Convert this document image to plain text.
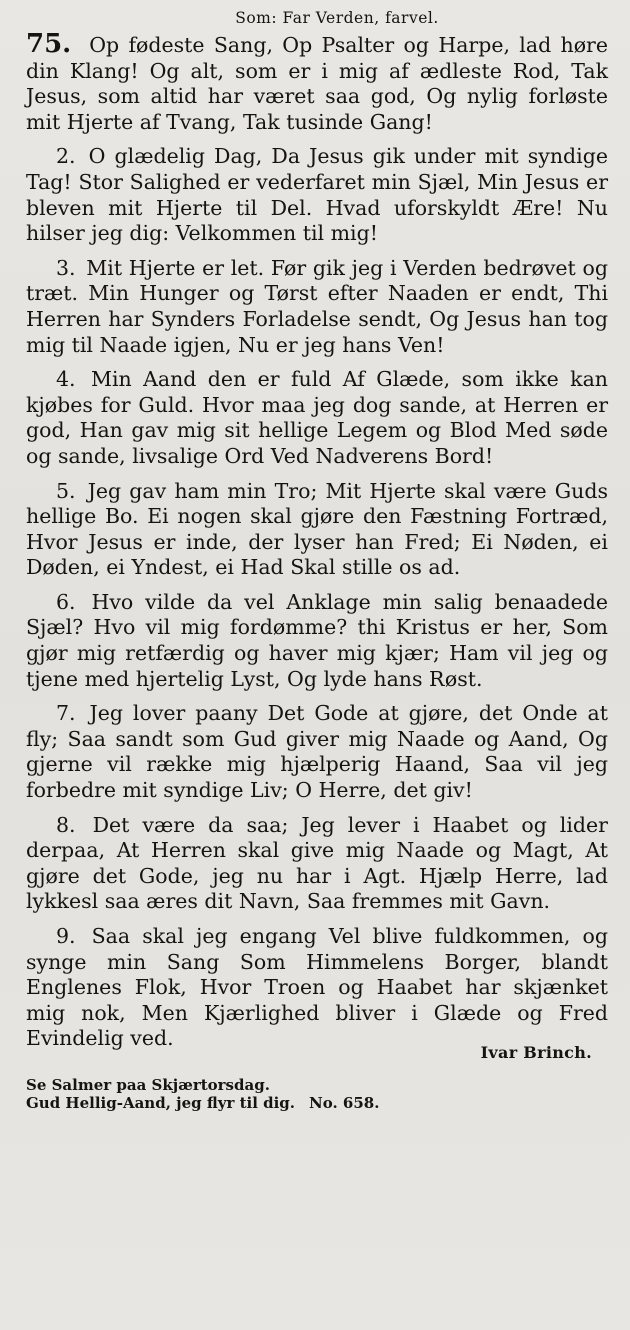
Som: Far Verden, farvel.
75. Op fødeste Sang, Op Psalter og Harpe, lad høre din Klang! Og alt, som er i mig af ædleste Rod, Tak Jesus, som altid har været saa god, Og nylig forløste mit Hjerte af Tvang, Tak tusinde Gang!
2. O glædelig Dag, Da Jesus gik under mit syndige Tag! Stor Salighed er vederfaret min Sjæl, Min Jesus er bleven mit Hjerte til Del. Hvad uforskyldt Ære! Nu hilser jeg dig: Velkommen til mig!
3. Mit Hjerte er let. Før gik jeg i Verden bedrøvet og træt. Min Hunger og Tørst efter Naaden er endt, Thi Herren har Synders Forladelse sendt, Og Jesus han tog mig til Naade igjen, Nu er jeg hans Ven!
4. Min Aand den er fuld Af Glæde, som ikke kan kjøbes for Guld. Hvor maa jeg dog sande, at Herren er god, Han gav mig sit hellige Legem og Blod Med søde og sande, livsalige Ord Ved Nadverens Bord!
5. Jeg gav ham min Tro; Mit Hjerte skal være Guds hellige Bo. Ei nogen skal gjøre den Fæstning Fortræd, Hvor Jesus er inde, der lyser han Fred; Ei Nøden, ei Døden, ei Yndest, ei Had Skal stille os ad.
6. Hvo vilde da vel Anklage min salig benaadede Sjæl? Hvo vil mig fordømme? thi Kristus er her, Som gjør mig retfærdig og haver mig kjær; Ham vil jeg og tjene med hjertelig Lyst, Og lyde hans Røst.
7. Jeg lover paany Det Gode at gjøre, det Onde at fly; Saa sandt som Gud giver mig Naade og Aand, Og gjerne vil række mig hjælperig Haand, Saa vil jeg forbedre mit syndige Liv; O Herre, det giv!
8. Det være da saa; Jeg lever i Haabet og lider derpaa, At Herren skal give mig Naade og Magt, At gjøre det Gode, jeg nu har i Agt. Hjælp Herre, lad lykkesl saa æres dit Navn, Saa fremmes mit Gavn.
9. Saa skal jeg engang Vel blive fuldkommen, og synge min Sang Som Himmelens Borger, blandt Englenes Flok, Hvor Troen og Haabet har skjænket mig nok, Men Kjærlighed bliver i Glæde og Fred Evindelig ved.
Ivar Brinch.
Se Salmer paa Skjærtorsdag.
Gud Hellig-Aand, jeg flyr til dig. No. 658.
